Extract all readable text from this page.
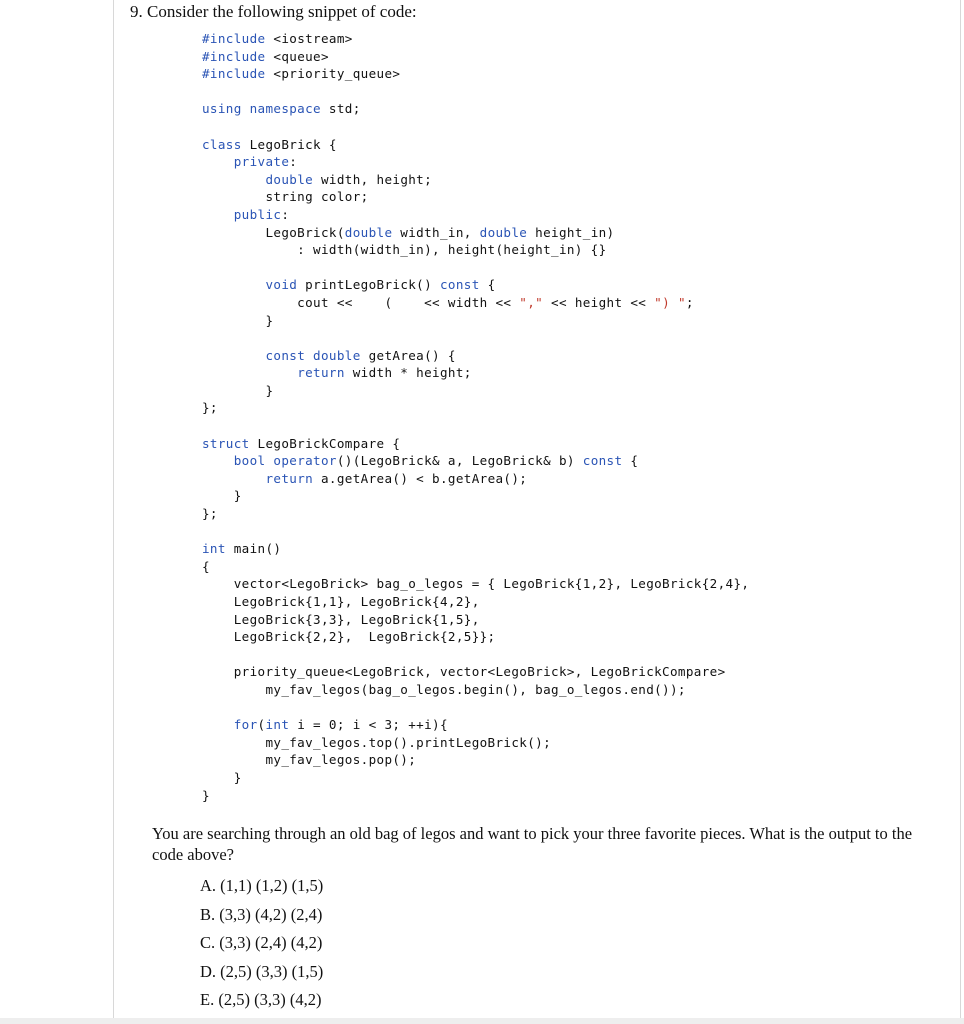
9. Consider the following snippet of code:
#include <iostream>
#include <queue>
#include <priority_queue>
using namespace std;
class LegoBrick {
private:
double width, height;
string color;
public:
LegoBrick(double width_in, double height_in)
: width(width_in), height(height_in) {}
void printLegoBrick() const {
cout <<    (    << width << "," << height << ") ";
}
const double getArea() {
return width * height;
}
};
struct LegoBrickCompare {
bool operator()(LegoBrick& a, LegoBrick& b) const {
return a.getArea() < b.getArea();
}
};
int main()
{
vector<LegoBrick> bag_o_legos = { LegoBrick{1,2}, LegoBrick{2,4},
LegoBrick{1,1}, LegoBrick{4,2},
LegoBrick{3,3}, LegoBrick{1,5},
LegoBrick{2,2},  LegoBrick{2,5}};
priority_queue<LegoBrick, vector<LegoBrick>, LegoBrickCompare>
my_fav_legos(bag_o_legos.begin(), bag_o_legos.end());
for(int i = 0; i < 3; ++i){
my_fav_legos.top().printLegoBrick();
my_fav_legos.pop();
}
}
You are searching through an old bag of legos and want to pick your three favorite pieces. What is the output to the code above?
A. (1,1) (1,2) (1,5)
B. (3,3) (4,2) (2,4)
C. (3,3) (2,4) (4,2)
D. (2,5) (3,3) (1,5)
E. (2,5) (3,3) (4,2)
